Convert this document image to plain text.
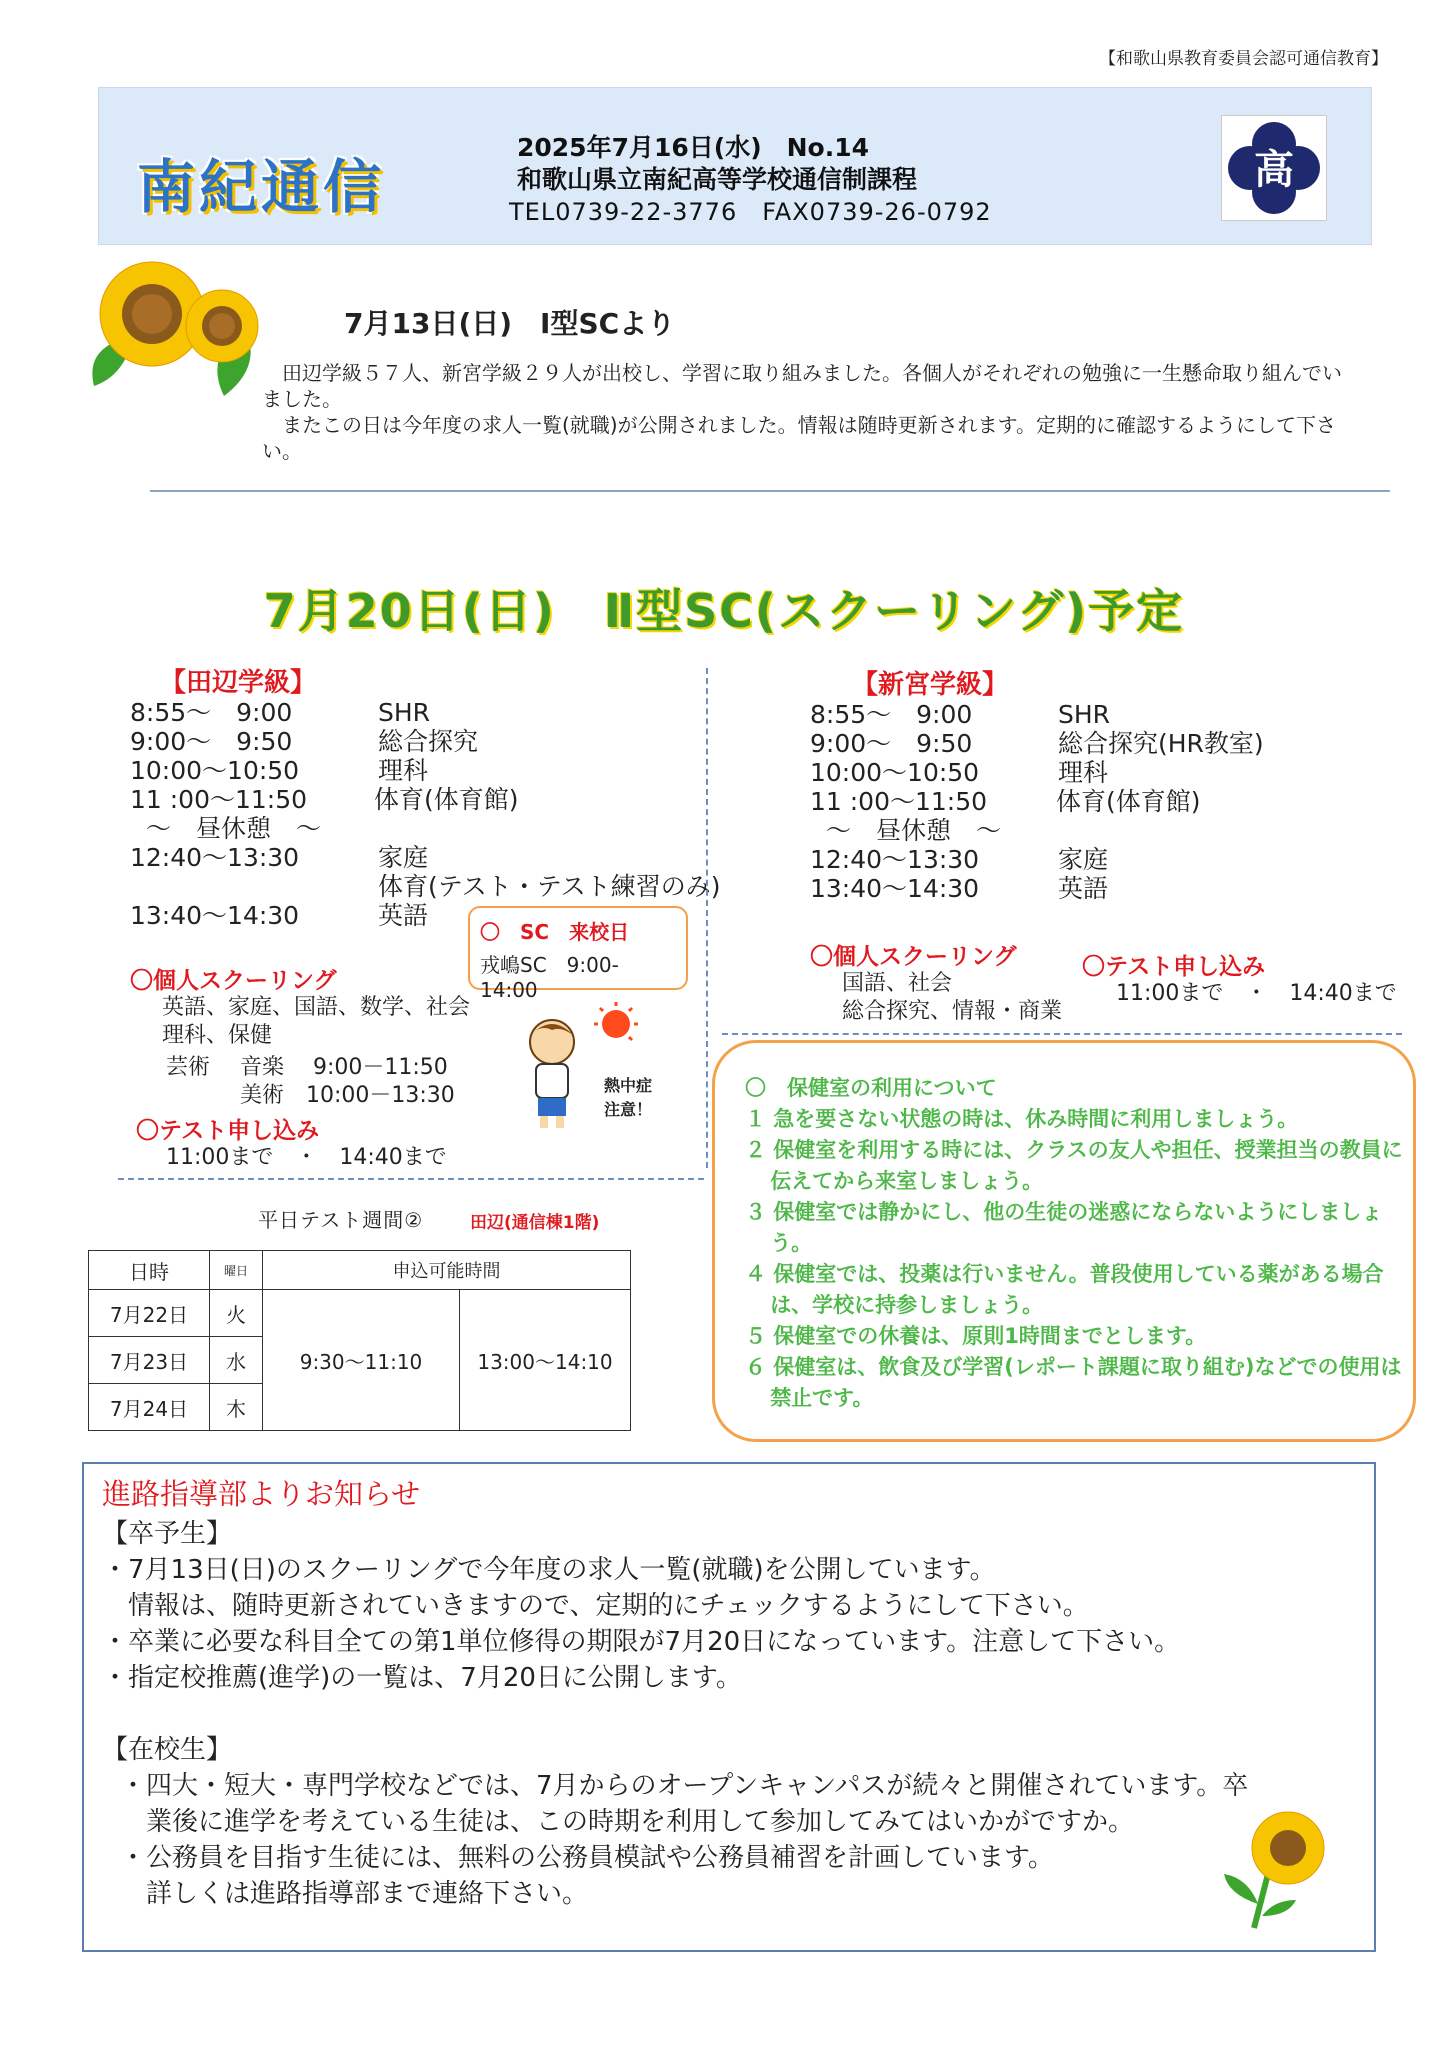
【和歌山県教育委員会認可通信教育】
南紀通信
2025年7月16日(水)　No.14
和歌山県立南紀高等学校通信制課程
TEL0739-22-3776　FAX0739-26-0792
高
7月13日(日)　Ⅰ型SCより

田辺学級５７人、新宮学級２９人が出校し、学習に取り組みました。各個人がそれぞれの勉強に一生懸命取り組んでいました。

またこの日は今年度の求人一覧(就職)が公開されました。情報は随時更新されます。定期的に確認するようにして下さい。

7月20日(日)　Ⅱ型SC(スクーリング)予定
【田辺学級】
8:55～　9:00	SHR
9:00～　9:50	総合探究
10:00～10:50	理科
11 :00～11:50	体育(体育館)
～　昼休憩　～
12:40～13:30	家庭
体育(テスト・テスト練習のみ)
13:40～14:30	英語
〇　SC　来校日
戎嶋SC　9:00-14:00
〇個人スクーリング
英語、家庭、国語、数学、社会
理科、保健
芸術 音楽　 9:00－11:50
美術　10:00－13:30
〇テスト申し込み
11:00まで　・　14:40まで
熱中症
注意！
【新宮学級】
8:55～　9:00	SHR
9:00～　9:50	総合探究(HR教室)
10:00～10:50	理科
11 :00～11:50	体育(体育館)
～　昼休憩　～
12:40～13:30	家庭
13:40～14:30	英語
〇個人スクーリング
国語、社会
総合探究、情報・商業
〇テスト申し込み
11:00まで　・　14:40まで
〇　保健室の利用について
１ 急を要さない状態の時は、休み時間に利用しましょう。
２ 保健室を利用する時には、クラスの友人や担任、授業担当の教員に伝えてから来室しましょう。
３ 保健室では静かにし、他の生徒の迷惑にならないようにしましょう。
４ 保健室では、投薬は行いません。普段使用している薬がある場合は、学校に持参しましょう。
５ 保健室での休養は、原則1時間までとします。
６ 保健室は、飲食及び学習(レポート課題に取り組む)などでの使用は禁止です。
平日テスト週間②	田辺(通信棟1階)
日時	曜日	申込可能時間	
7月22日	火	9:30～11:10	13:00～14:10
7月23日	水		
7月24日	木		

進路指導部よりお知らせ

【卒予生】

・7月13日(日)のスクーリングで今年度の求人一覧(就職)を公開しています。

　情報は、随時更新されていきますので、定期的にチェックするようにして下さい。

・卒業に必要な科目全ての第1単位修得の期限が7月20日になっています。注意して下さい。

・指定校推薦(進学)の一覧は、7月20日に公開します。

【在校生】

・四大・短大・専門学校などでは、7月からのオープンキャンパスが続々と開催されています。卒

　業後に進学を考えている生徒は、この時期を利用して参加してみてはいかがですか。

・公務員を目指す生徒には、無料の公務員模試や公務員補習を計画しています。

　詳しくは進路指導部まで連絡下さい。
